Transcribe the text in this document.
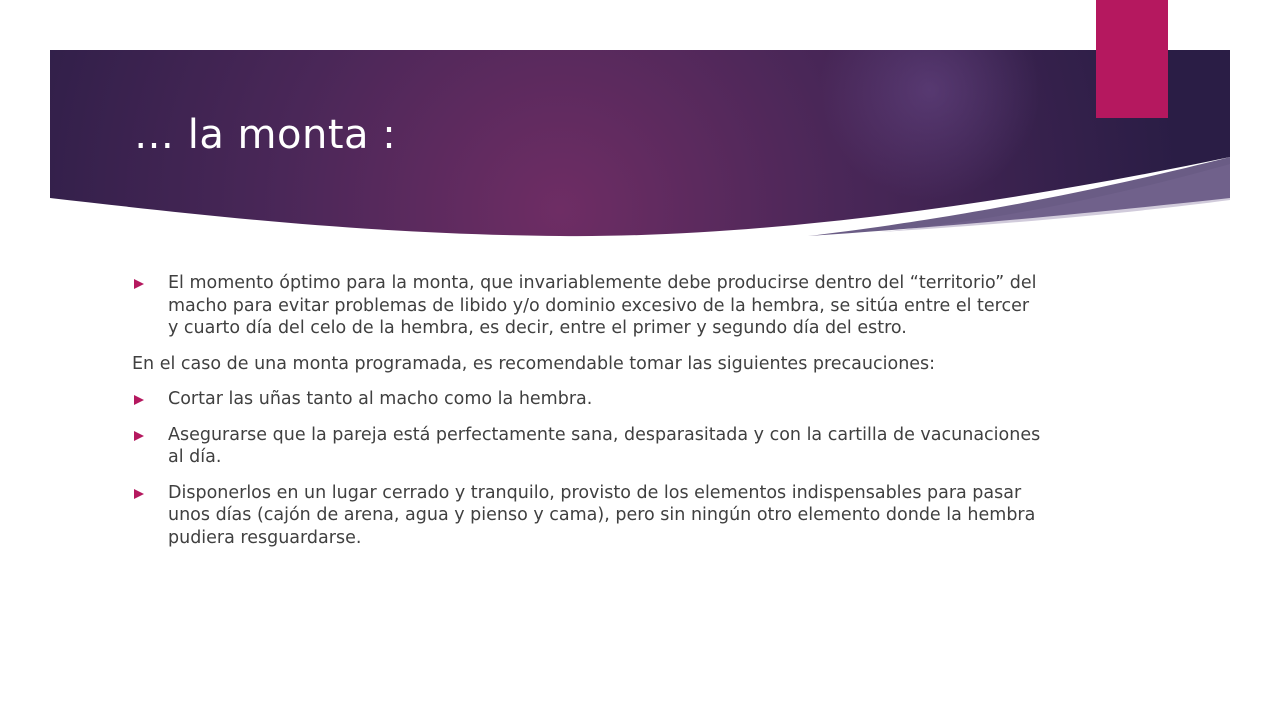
… la monta :

El momento óptimo para la monta, que invariablemente debe producirse dentro del “territorio” del macho para evitar problemas de libido y/o dominio excesivo de la hembra, se sitúa entre el tercer y cuarto día del celo de la hembra, es decir, entre el primer y segundo día del estro.

En el caso de una monta programada, es recomendable tomar las siguientes precauciones:

Cortar las uñas tanto al macho como la hembra.

Asegurarse que la pareja está perfectamente sana, desparasitada y con la cartilla de vacunaciones al día.

Disponerlos en un lugar cerrado y tranquilo, provisto de los elementos indispensables para pasar unos días (cajón de arena, agua y pienso y cama), pero sin ningún otro elemento donde la hembra pudiera resguardarse.
